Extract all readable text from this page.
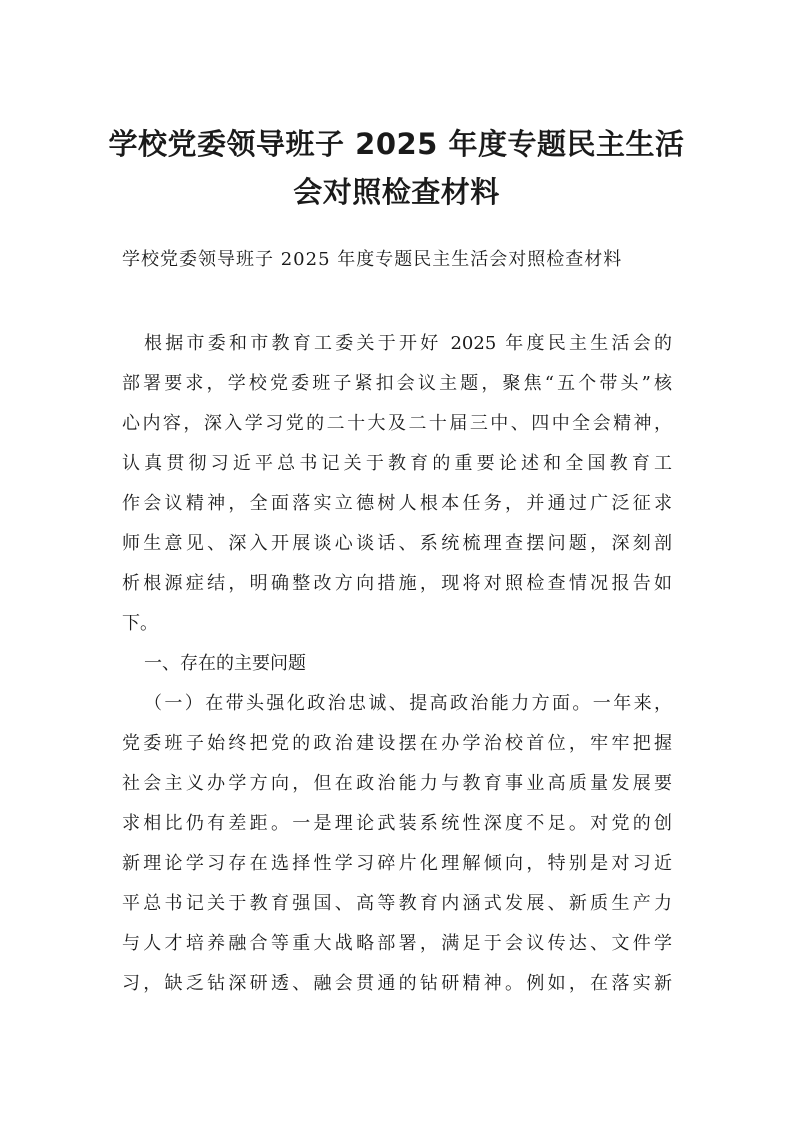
学校党委领导班子 2025 年度专题民主生活
会对照检查材料

学校党委领导班子 2025 年度专题民主生活会对照检查材料

根据市委和市教育工委关于开好 2025 年度民主生活会的

部署要求，学校党委班子紧扣会议主题，聚焦“五个带头”核

心内容，深入学习党的二十大及二十届三中、四中全会精神，

认真贯彻习近平总书记关于教育的重要论述和全国教育工

作会议精神，全面落实立德树人根本任务，并通过广泛征求

师生意见、深入开展谈心谈话、系统梳理查摆问题，深刻剖

析根源症结，明确整改方向措施，现将对照检查情况报告如

下。

一、存在的主要问题

（一）在带头强化政治忠诚、提高政治能力方面。一年来，

党委班子始终把党的政治建设摆在办学治校首位，牢牢把握

社会主义办学方向，但在政治能力与教育事业高质量发展要

求相比仍有差距。一是理论武装系统性深度不足。对党的创

新理论学习存在选择性学习碎片化理解倾向，特别是对习近

平总书记关于教育强国、高等教育内涵式发展、新质生产力

与人才培养融合等重大战略部署，满足于会议传达、文件学

习，缺乏钻深研透、融会贯通的钻研精神。例如，在落实新
